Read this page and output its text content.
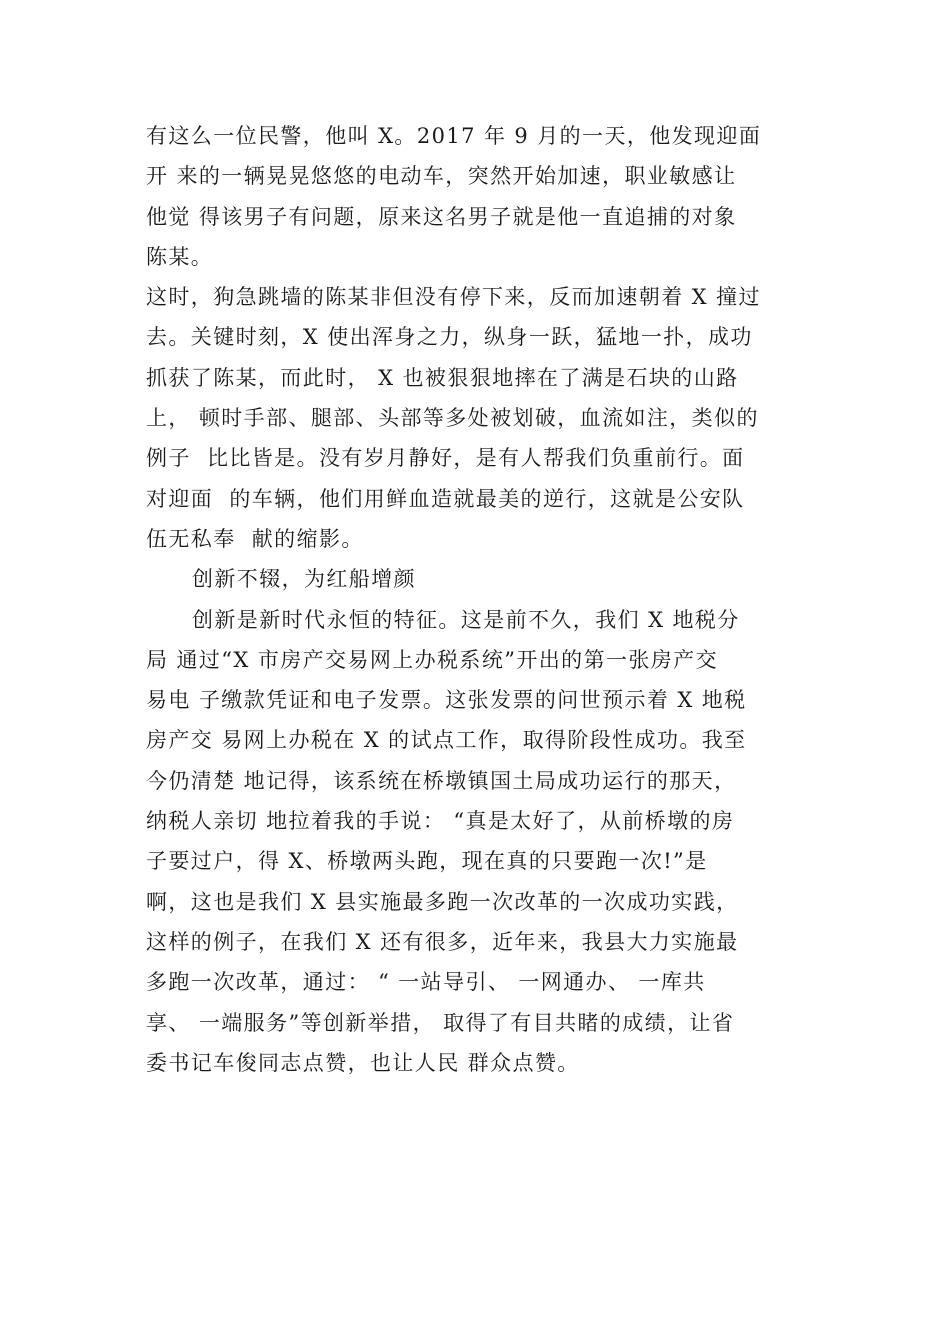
有这么一位民警，他叫 X。2017 年 9 月的一天，他发现迎面
开 来的一辆晃晃悠悠的电动车，突然开始加速，职业敏感让
他觉 得该男子有问题，原来这名男子就是他一直追捕的对象
陈某。
这时，狗急跳墙的陈某非但没有停下来，反而加速朝着 X 撞过
去。关键时刻，X 使出浑身之力，纵身一跃，猛地一扑，成功
抓获了陈某，而此时， X 也被狠狠地摔在了满是石块的山路
上， 顿时手部、腿部、头部等多处被划破，血流如注，类似的
例子  比比皆是。没有岁月静好，是有人帮我们负重前行。面
对迎面  的车辆，他们用鲜血造就最美的逆行，这就是公安队
伍无私奉  献的缩影。
创新不辍，为红船增颜
创新是新时代永恒的特征。这是前不久，我们 X 地税分
局 通过“X 市房产交易网上办税系统”开出的第一张房产交
易电 子缴款凭证和电子发票。这张发票的问世预示着 X 地税
房产交 易网上办税在 X 的试点工作，取得阶段性成功。我至
今仍清楚 地记得，该系统在桥墩镇国土局成功运行的那天，
纳税人亲切 地拉着我的手说： “真是太好了，从前桥墩的房
子要过户，得 X、桥墩两头跑，现在真的只要跑一次!”是
啊，这也是我们 X 县实施最多跑一次改革的一次成功实践，
这样的例子，在我们 X 还有很多，近年来，我县大力实施最
多跑一次改革，通过： “ 一站导引、 一网通办、 一库共
享、 一端服务”等创新举措， 取得了有目共睹的成绩，让省
委书记车俊同志点赞，也让人民 群众点赞。
